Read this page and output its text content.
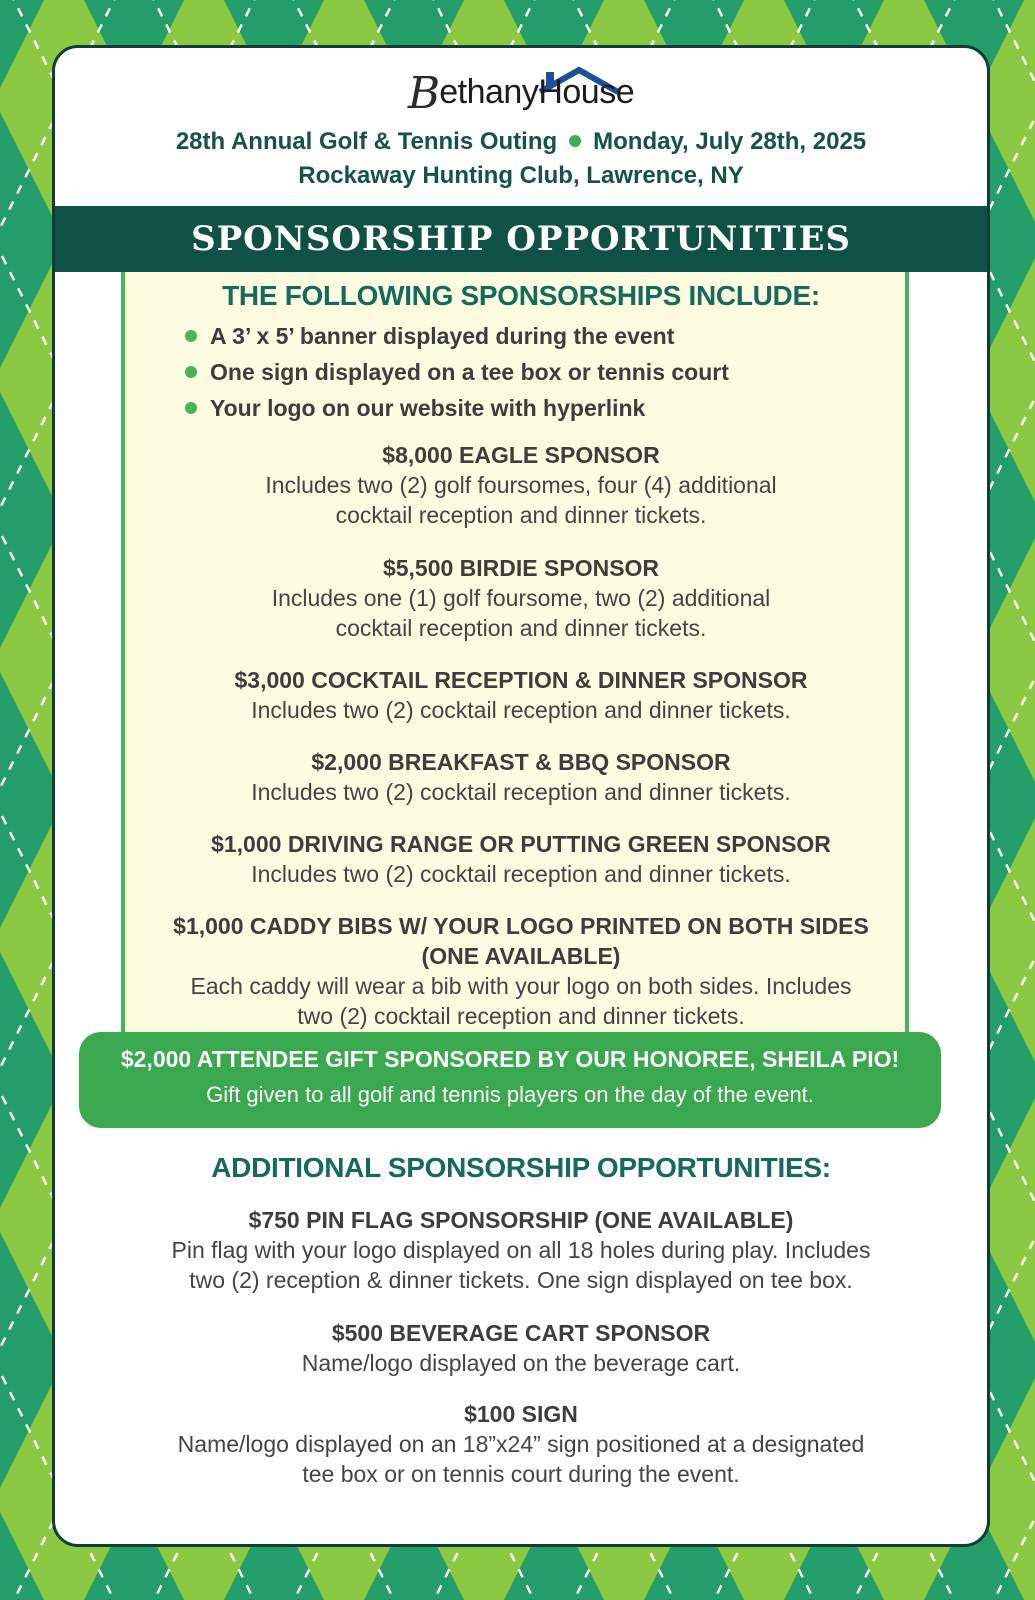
BethanyHouse
28th Annual Golf & Tennis Outing Monday, July 28th, 2025
Rockaway Hunting Club, Lawrence, NY
SPONSORSHIP OPPORTUNITIES
THE FOLLOWING SPONSORSHIPS INCLUDE:
A 3’ x 5’ banner displayed during the event
One sign displayed on a tee box or tennis court
Your logo on our website with hyperlink
$8,000 EAGLE SPONSOR
Includes two (2) golf foursomes, four (4) additional
cocktail reception and dinner tickets.
$5,500 BIRDIE SPONSOR
Includes one (1) golf foursome, two (2) additional
cocktail reception and dinner tickets.
$3,000 COCKTAIL RECEPTION & DINNER SPONSOR
Includes two (2) cocktail reception and dinner tickets.
$2,000 BREAKFAST & BBQ SPONSOR
Includes two (2) cocktail reception and dinner tickets.
$1,000 DRIVING RANGE OR PUTTING GREEN SPONSOR
Includes two (2) cocktail reception and dinner tickets.
$1,000 CADDY BIBS W/ YOUR LOGO PRINTED ON BOTH SIDES
(ONE AVAILABLE)
Each caddy will wear a bib with your logo on both sides. Includes
two (2) cocktail reception and dinner tickets.
$2,000 ATTENDEE GIFT SPONSORED BY OUR HONOREE, SHEILA PIO!
Gift given to all golf and tennis players on the day of the event.
ADDITIONAL SPONSORSHIP OPPORTUNITIES:
$750 PIN FLAG SPONSORSHIP (ONE AVAILABLE)
Pin flag with your logo displayed on all 18 holes during play. Includes
two (2) reception & dinner tickets. One sign displayed on tee box.
$500 BEVERAGE CART SPONSOR
Name/logo displayed on the beverage cart.
$100 SIGN
Name/logo displayed on an 18”x24” sign positioned at a designated
tee box or on tennis court during the event.
